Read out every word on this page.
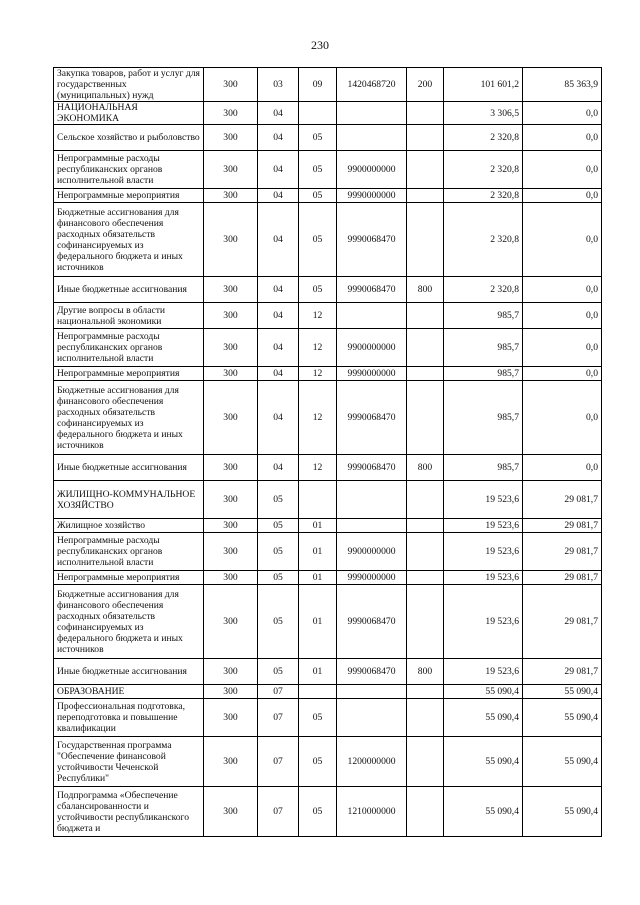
230
Закупка товаров, работ и услуг для государственных (муниципальных) нужд	300	03	09	1420468720	200	101 601,2	85 363,9
НАЦИОНАЛЬНАЯ ЭКОНОМИКА	300	04				3 306,5	0,0
Сельское хозяйство и рыболовство	300	04	05			2 320,8	0,0
Непрограммные расходы республиканских органов исполнительной власти	300	04	05	9900000000		2 320,8	0,0
Непрограммные мероприятия	300	04	05	9990000000		2 320,8	0,0
Бюджетные ассигнования для финансового обеспечения расходных обязательств софинансируемых из федерального бюджета и иных источников	300	04	05	9990068470		2 320,8	0,0
Иные бюджетные ассигнования	300	04	05	9990068470	800	2 320,8	0,0
Другие вопросы в области национальной экономики	300	04	12			985,7	0,0
Непрограммные расходы республиканских органов исполнительной власти	300	04	12	9900000000		985,7	0,0
Непрограммные мероприятия	300	04	12	9990000000		985,7	0,0
Бюджетные ассигнования для финансового обеспечения расходных обязательств софинансируемых из федерального бюджета и иных источников	300	04	12	9990068470		985,7	0,0
Иные бюджетные ассигнования	300	04	12	9990068470	800	985,7	0,0
ЖИЛИЩНО-КОММУНАЛЬНОЕ ХОЗЯЙСТВО	300	05				19 523,6	29 081,7
Жилищное хозяйство	300	05	01			19 523,6	29 081,7
Непрограммные расходы республиканских органов исполнительной власти	300	05	01	9900000000		19 523,6	29 081,7
Непрограммные мероприятия	300	05	01	9990000000		19 523,6	29 081,7
Бюджетные ассигнования для финансового обеспечения расходных обязательств софинансируемых из федерального бюджета и иных источников	300	05	01	9990068470		19 523,6	29 081,7
Иные бюджетные ассигнования	300	05	01	9990068470	800	19 523,6	29 081,7
ОБРАЗОВАНИЕ	300	07				55 090,4	55 090,4
Профессиональная подготовка, переподготовка и повышение квалификации	300	07	05			55 090,4	55 090,4
Государственная программа "Обеспечение финансовой устойчивости Чеченской Республики"	300	07	05	1200000000		55 090,4	55 090,4
Подпрограмма «Обеспечение сбалансированности и устойчивости республиканского бюджета и	300	07	05	1210000000		55 090,4	55 090,4
